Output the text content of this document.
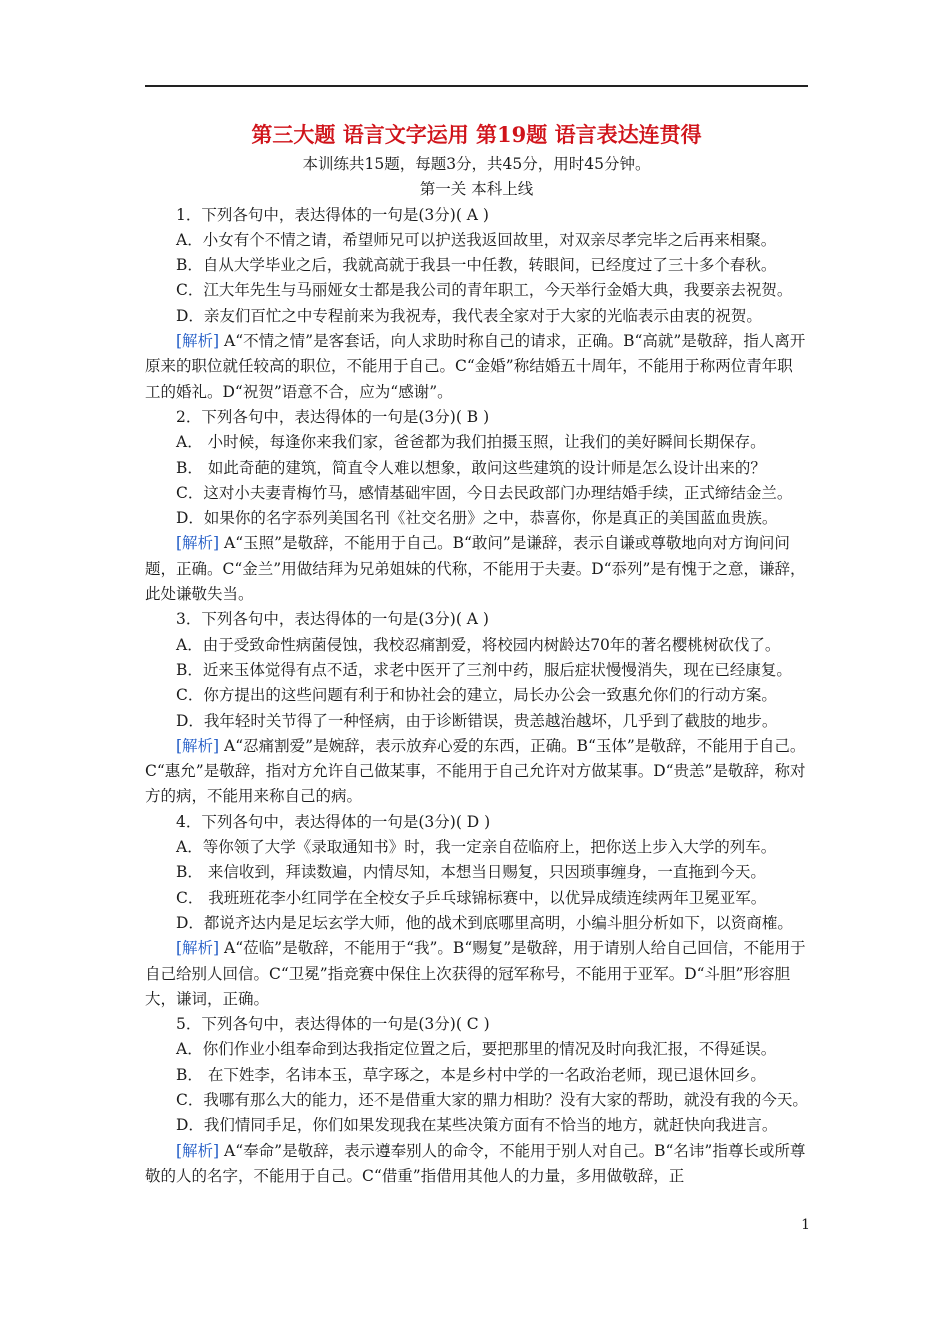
第三大题 语言文字运用 第19题 语言表达连贯得
本训练共15题，每题3分，共45分，用时45分钟。
第一关 本科上线
1．下列各句中，表达得体的一句是(3分)( A )
A．小女有个不情之请，希望师兄可以护送我返回故里，对双亲尽孝完毕之后再来相聚。
B．自从大学毕业之后，我就高就于我县一中任教，转眼间，已经度过了三十多个春秋。
C．江大年先生与马丽娅女士都是我公司的青年职工，今天举行金婚大典，我要亲去祝贺。
D．亲友们百忙之中专程前来为我祝寿，我代表全家对于大家的光临表示由衷的祝贺。
[解析] A“不情之情”是客套话，向人求助时称自己的请求，正确。B“高就”是敬辞，指人离开原来的职位就任较高的职位，不能用于自己。C“金婚”称结婚五十周年，不能用于称两位青年职工的婚礼。D“祝贺”语意不合，应为“感谢”。
2．下列各句中，表达得体的一句是(3分)( B )
A． 小时候，每逢你来我们家，爸爸都为我们拍摄玉照，让我们的美好瞬间长期保存。
B． 如此奇葩的建筑，简直令人难以想象，敢问这些建筑的设计师是怎么设计出来的？
C．这对小夫妻青梅竹马，感情基础牢固，今日去民政部门办理结婚手续，正式缔结金兰。
D．如果你的名字忝列美国名刊《社交名册》之中，恭喜你，你是真正的美国蓝血贵族。
[解析] A“玉照”是敬辞，不能用于自己。B“敢问”是谦辞，表示自谦或尊敬地向对方询问问题，正确。C“金兰”用做结拜为兄弟姐妹的代称，不能用于夫妻。D“忝列”是有愧于之意，谦辞，此处谦敬失当。
3．下列各句中，表达得体的一句是(3分)( A )
A．由于受致命性病菌侵蚀，我校忍痛割爱，将校园内树龄达70年的著名樱桃树砍伐了。
B．近来玉体觉得有点不适，求老中医开了三剂中药，服后症状慢慢消失，现在已经康复。
C．你方提出的这些问题有利于和协社会的建立，局长办公会一致惠允你们的行动方案。
D．我年轻时关节得了一种怪病，由于诊断错误，贵恙越治越坏，几乎到了截肢的地步。
[解析] A“忍痛割爱”是婉辞，表示放弃心爱的东西，正确。B“玉体”是敬辞，不能用于自己。C“惠允”是敬辞，指对方允许自己做某事，不能用于自己允许对方做某事。D“贵恙”是敬辞，称对方的病，不能用来称自己的病。
4．下列各句中，表达得体的一句是(3分)( D )
A．等你领了大学《录取通知书》时，我一定亲自莅临府上，把你送上步入大学的列车。
B． 来信收到，拜读数遍，内情尽知，本想当日赐复，只因琐事缠身，一直拖到今天。
C． 我班班花李小红同学在全校女子乒乓球锦标赛中，以优异成绩连续两年卫冕亚军。
D．都说齐达内是足坛玄学大师，他的战术到底哪里高明，小编斗胆分析如下，以资商榷。
[解析] A“莅临”是敬辞，不能用于“我”。B“赐复”是敬辞，用于请别人给自己回信，不能用于自己给别人回信。C“卫冕”指竞赛中保住上次获得的冠军称号，不能用于亚军。D“斗胆”形容胆大，谦词，正确。
5．下列各句中，表达得体的一句是(3分)( C )
A．你们作业小组奉命到达我指定位置之后，要把那里的情况及时向我汇报，不得延误。
B． 在下姓李，名讳本玉，草字琢之，本是乡村中学的一名政治老师，现已退休回乡。
C．我哪有那么大的能力，还不是借重大家的鼎力相助？没有大家的帮助，就没有我的今天。
D．我们情同手足，你们如果发现我在某些决策方面有不恰当的地方，就赶快向我进言。
[解析] A“奉命”是敬辞，表示遵奉别人的命令，不能用于别人对自己。B“名讳”指尊长或所尊敬的人的名字，不能用于自己。C“借重”指借用其他人的力量，多用做敬辞，正
1
